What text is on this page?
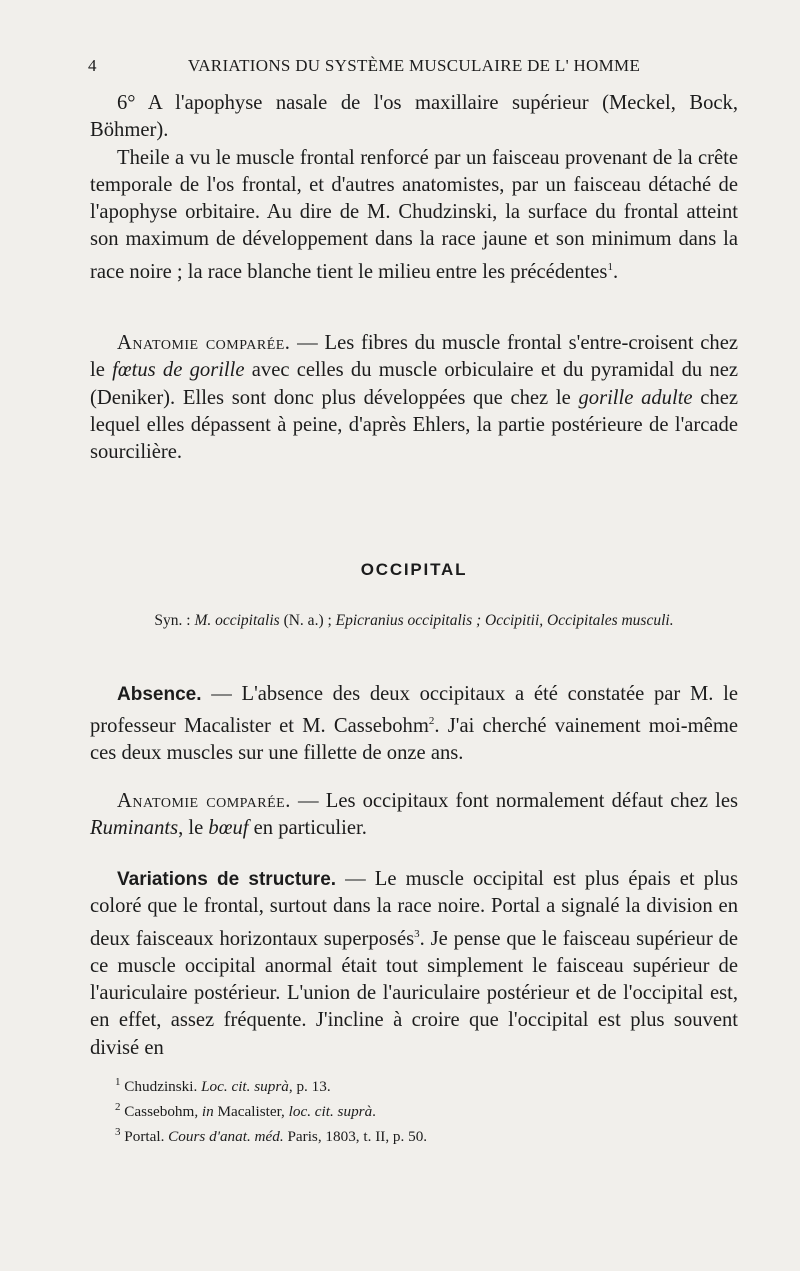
4	VARIATIONS DU SYSTÈME MUSCULAIRE DE L' HOMME

6° A l'apophyse nasale de l'os maxillaire supérieur (Meckel, Bock, Böhmer).

Theile a vu le muscle frontal renforcé par un faisceau provenant de la crête temporale de l'os frontal, et d'autres anatomistes, par un faisceau détaché de l'apophyse orbitaire. Au dire de M. Chudzinski, la surface du frontal atteint son maximum de développement dans la race jaune et son minimum dans la race noire ; la race blanche tient le milieu entre les précédentes$^1$.

Anatomie comparée. — Les fibres du muscle frontal s'entre-croisent chez le fœtus de gorille avec celles du muscle orbiculaire et du pyramidal du nez (Deniker). Elles sont donc plus développées que chez le gorille adulte chez lequel elles dépassent à peine, d'après Ehlers, la partie postérieure de l'arcade sourcilière.

OCCIPITAL
Syn. : M. occipitalis (N. a.) ; Epicranius occipitalis ; Occipitii, Occipitales musculi.

Absence. — L'absence des deux occipitaux a été constatée par M. le professeur Macalister et M. Cassebohm$^2$. J'ai cherché vainement moi-même ces deux muscles sur une fillette de onze ans.

Anatomie comparée. — Les occipitaux font normalement défaut chez les Ruminants, le bœuf en particulier.

Variations de structure. — Le muscle occipital est plus épais et plus coloré que le frontal, surtout dans la race noire. Portal a signalé la division en deux faisceaux horizontaux superposés$^3$. Je pense que le faisceau supérieur de ce muscle occipital anormal était tout simplement le faisceau supérieur de l'auriculaire postérieur. L'union de l'auriculaire postérieur et de l'occipital est, en effet, assez fréquente. J'incline à croire que l'occipital est plus souvent divisé en

$^1$ Chudzinski. Loc. cit. suprà, p. 13.
$^2$ Cassebohm, in Macalister, loc. cit. suprà.
$^3$ Portal. Cours d'anat. méd. Paris, 1803, t. II, p. 50.
